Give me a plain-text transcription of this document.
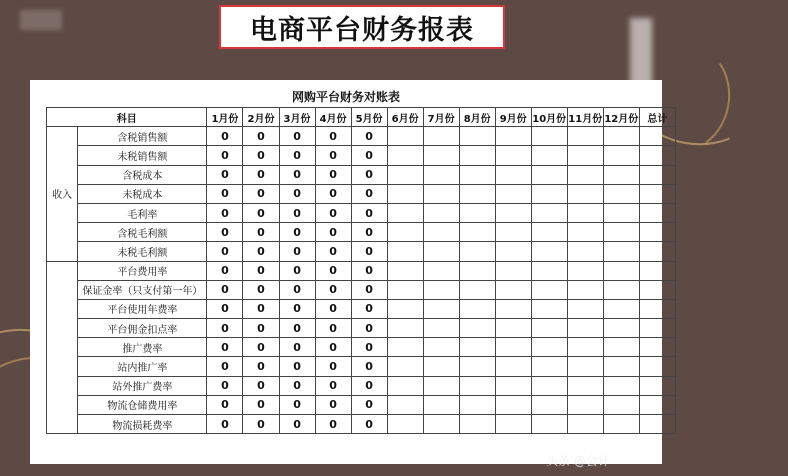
电商平台财务报表
网购平台财务对账表
科目		1月份	2月份	3月份	4月份	5月份	6月份	7月份	8月份	9月份	10月份	11月份	12月份	总计
收入	含税销售额	0	0	0	0	0								
	未税销售额	0	0	0	0	0								
	含税成本	0	0	0	0	0								
	未税成本	0	0	0	0	0								
	毛利率	0	0	0	0	0								
	含税毛利额	0	0	0	0	0								
	未税毛利额	0	0	0	0	0								
	平台费用率	0	0	0	0	0								
	保证金率（只支付第一年）	0	0	0	0	0								
	平台使用年费率	0	0	0	0	0								
	平台佣金扣点率	0	0	0	0	0								
	推广费率	0	0	0	0	0								
	站内推广率	0	0	0	0	0								
	站外推广费率	0	0	0	0	0								
	物流仓储费用率	0	0	0	0	0								
	物流损耗费率	0	0	0	0	0								
头条 @会计
